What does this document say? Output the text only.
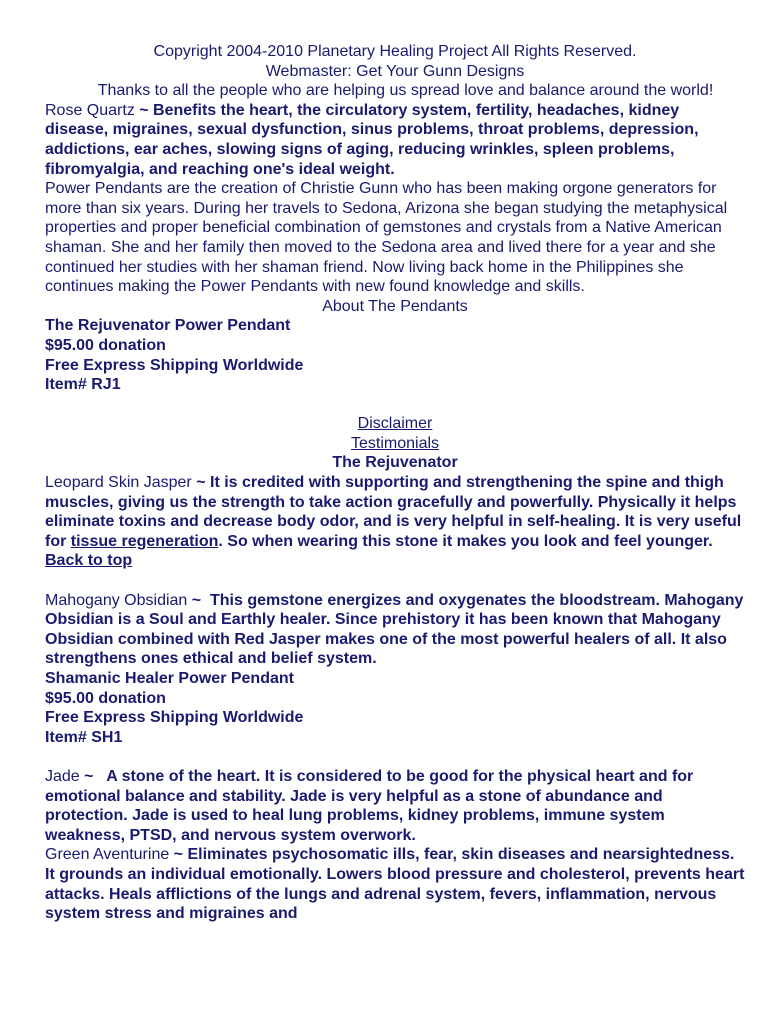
Copyright 2004-2010 Planetary Healing Project All Rights Reserved.

Webmaster: Get Your Gunn Designs

Thanks to all the people who are helping us spread love and balance around the world!

Rose Quartz ~ Benefits the heart, the circulatory system, fertility, headaches, kidney disease, migraines, sexual dysfunction, sinus problems, throat problems, depression, addictions, ear aches, slowing signs of aging, reducing wrinkles, spleen problems, fibromyalgia, and reaching one's ideal weight.

Power Pendants are the creation of Christie Gunn who has been making orgone generators for more than six years. During her travels to Sedona, Arizona she began studying the metaphysical properties and proper beneficial combination of gemstones and crystals from a Native American shaman. She and her family then moved to the Sedona area and lived there for a year and she continued her studies with her shaman friend. Now living back home in the Philippines she continues making the Power Pendants with new found knowledge and skills.

About The Pendants

The Rejuvenator Power Pendant
$95.00 donation
Free Express Shipping Worldwide
Item# RJ1

Disclaimer

Testimonials

The Rejuvenator

Leopard Skin Jasper ~ It is credited with supporting and strengthening the spine and thigh muscles, giving us the strength to take action gracefully and powerfully. Physically it helps eliminate toxins and decrease body odor, and is very helpful in self-healing. It is very useful for tissue regeneration. So when wearing this stone it makes you look and feel younger.

Back to top

Mahogany Obsidian ~  This gemstone energizes and oxygenates the bloodstream. Mahogany Obsidian is a Soul and Earthly healer. Since prehistory it has been known that Mahogany Obsidian combined with Red Jasper makes one of the most powerful healers of all. It also strengthens ones ethical and belief system.

Shamanic Healer Power Pendant
$95.00 donation
Free Express Shipping Worldwide
Item# SH1

Jade ~   A stone of the heart. It is considered to be good for the physical heart and for emotional balance and stability. Jade is very helpful as a stone of abundance and protection. Jade is used to heal lung problems, kidney problems, immune system weakness, PTSD, and nervous system overwork.

Green Aventurine ~ Eliminates psychosomatic ills, fear, skin diseases and nearsightedness. It grounds an individual emotionally. Lowers blood pressure and cholesterol, prevents heart attacks. Heals afflictions of the lungs and adrenal system, fevers, inflammation, nervous system stress and migraines and
